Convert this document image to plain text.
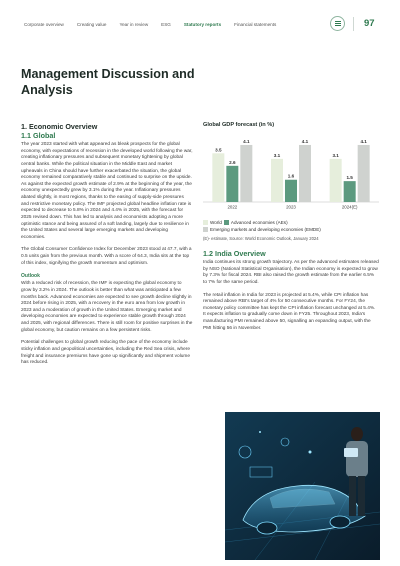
Corporate overview	Creating value	Year in review	ESG	Statutory reports	Financial statements	97
Management Discussion and Analysis
1. Economic Overview
1.1 Global

The year 2023 started with what appeared as bleak prospects for the global economy, with expectations of recession in the developed world following the war, creating inflationary pressures and subsequent monetary tightening by global central banks. While the political situation in the Middle East and market upheavals in China should have further exacerbated the situation, the global economy remained comparatively stable and continued to surprise on the upside. As against the expected growth estimate of 2.9% at the beginning of the year, the economy unexpectedly grew by 3.1% during the year. Inflationary pressures abated slightly, in most regions, thanks to the easing of supply-side pressures and restrictive monetary policy. The IMF projected global headline inflation rate is expected to decrease to 5.8% in 2024 and 4.4% in 2025, with the forecast for 2025 revised down. This has led to analysis and economists adopting a more optimistic stance and being assured of a soft landing, largely due to resilience in the United States and several large emerging markets and developing economies.

The Global Consumer Confidence Index for December 2023 stood at 47.7, with a 0.5 units gain from the previous month. With a score of 64.3, India sits at the top of this index, signifying the growth momentum and optimism.

Outlook

With a reduced risk of recession, the IMF is expecting the global economy to grow by 3.2% in 2024. The outlook is better than what was anticipated a few months back. Advanced economies are expected to see growth decline slightly in 2024 before rising in 2025, with a recovery in the euro area from low growth in 2023 and a moderation of growth in the United States. Emerging market and developing economies are expected to experience stable growth through 2024 and 2025, with regional differences. There is still room for positive surprises in the global economy, but caution remains on a few persistent risks.

Potential challenges to global growth reducing the pace of the economy include sticky inflation and geopolitical uncertainties, including the Red Sea crisis, where freight and insurance premiums have gone up significantly and shipment volume has reduced.

Global GDP forecast (in %)
3.5
2.6
4.1
2022
3.1
1.6
4.1
2023
3.1
1.5
4.1
2024(E)
World Advanced economies (AEs)
Emerging markets and developing economies (EMDE)
(E)- estimate, Source: World Economic Outlook, January 2024
1.2 India Overview

India continues its strong growth trajectory. As per the advanced estimates released by NSO (National Statistical Organisation), the Indian economy is expected to grow by 7.3% for fiscal 2024. RBI also raised the growth estimate from the earlier 6.5% to 7% for the same period.

The retail inflation in India for 2023 is projected at 5.4%, while CPI inflation has remained above RBI's target of 4% for 50 consecutive months. For FY24, the monetary policy committee has kept the CPI inflation forecast unchanged at 5.4%. It expects inflation to gradually come down in FY25. Throughout 2023, India's manufacturing PMI remained above 50, signalling an expanding output, with the PMI hitting 56 in November.
